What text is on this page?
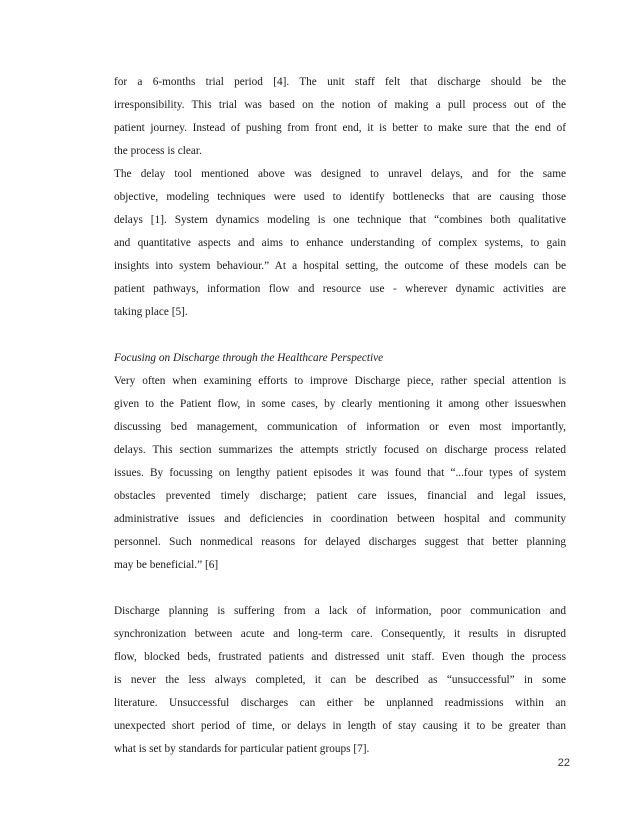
for a 6-months trial period [4]. The unit staff felt that discharge should be the
irresponsibility. This trial was based on the notion of making a pull process out of the
patient journey. Instead of pushing from front end, it is better to make sure that the end of
the process is clear.
The delay tool mentioned above was designed to unravel delays, and for the same
objective, modeling techniques were used to identify bottlenecks that are causing those
delays [1]. System dynamics modeling is one technique that “combines both qualitative
and quantitative aspects and aims to enhance understanding of complex systems, to gain
insights into system behaviour.” At a hospital setting, the outcome of these models can be
patient pathways, information flow and resource use - wherever dynamic activities are
taking place [5].
Focusing on Discharge through the Healthcare Perspective
Very often when examining efforts to improve Discharge piece, rather special attention is
given to the Patient flow, in some cases, by clearly mentioning it among other issueswhen
discussing bed management, communication of information or even most importantly,
delays. This section summarizes the attempts strictly focused on discharge process related
issues. By focussing on lengthy patient episodes it was found that “...four types of system
obstacles prevented timely discharge; patient care issues, financial and legal issues,
administrative issues and deficiencies in coordination between hospital and community
personnel. Such nonmedical reasons for delayed discharges suggest that better planning
may be beneficial.” [6]
Discharge planning is suffering from a lack of information, poor communication and
synchronization between acute and long-term care. Consequently, it results in disrupted
flow, blocked beds, frustrated patients and distressed unit staff. Even though the process
is never the less always completed, it can be described as “unsuccessful” in some
literature. Unsuccessful discharges can either be unplanned readmissions within an
unexpected short period of time, or delays in length of stay causing it to be greater than
what is set by standards for particular patient groups [7].
22
